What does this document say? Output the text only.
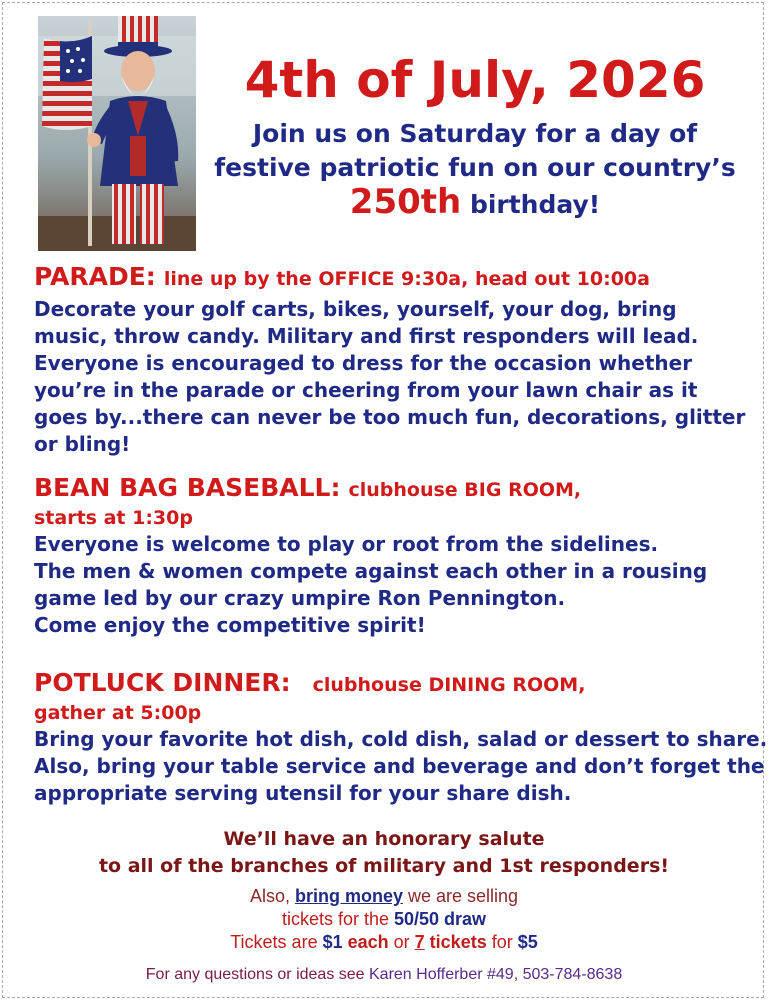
4th of July, 2026
Join us on Saturday for a day of
festive patriotic fun on our country’s
250th birthday!
PARADE: line up by the OFFICE 9:30a, head out 10:00a

Decorate your golf carts, bikes, yourself, your dog, bring
music, throw candy. Military and first responders will lead.
Everyone is encouraged to dress for the occasion whether
you’re in the parade or cheering from your lawn chair as it
goes by...there can never be too much fun, decorations, glitter
or bling!

BEAN BAG BASEBALL: clubhouse BIG ROOM,
starts at 1:30p

Everyone is welcome to play or root from the sidelines.
The men & women compete against each other in a rousing
game led by our crazy umpire Ron Pennington.
Come enjoy the competitive spirit!

POTLUCK DINNER: clubhouse DINING ROOM,
gather at 5:00p

Bring your favorite hot dish, cold dish, salad or dessert to share.
Also, bring your table service and beverage and don’t forget the
appropriate serving utensil for your share dish.

We’ll have an honorary salute
to all of the branches of military and 1st responders!
Also, bring money we are selling
tickets for the 50/50 draw
Tickets are $1 each or 7 tickets for $5
For any questions or ideas see Karen Hofferber #49, 503-784-8638
